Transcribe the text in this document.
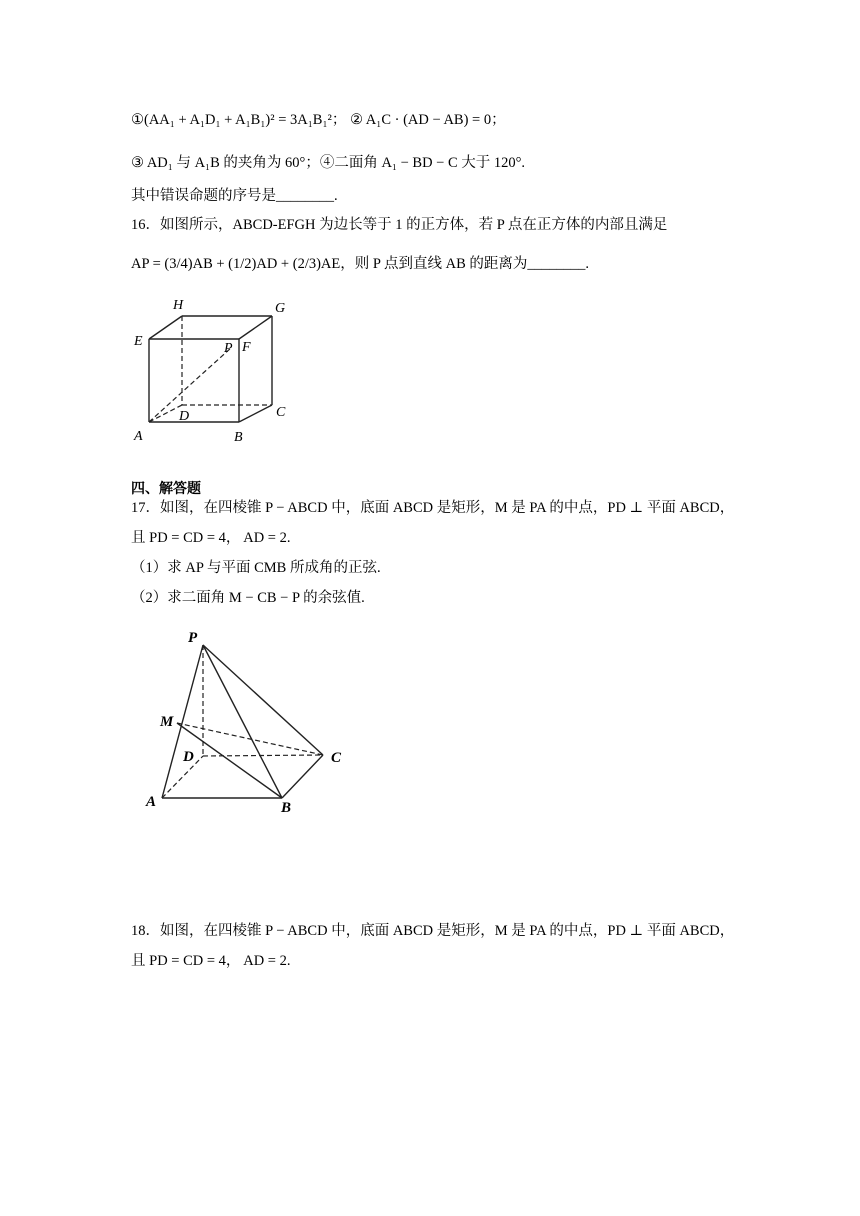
①(AA₁ + A₁D₁ + A₁B₁)² = 3A₁B₁²； ② A₁C · (AD − AB) = 0；
③ AD₁ 与 A₁B 的夹角为 60°；④二面角 A₁ − BD − C 大于 120°.
其中错误命题的序号是________.
16．如图所示，ABCD-EFGH 为边长等于 1 的正方体，若 P 点在正方体的内部且满足
AP = (3/4)AB + (1/2)AD + (2/3)AE，则 P 点到直线 AB 的距离为________.
H	G
E	P F
D	C
A	B
四、解答题
17．如图，在四棱锥 P − ABCD 中，底面 ABCD 是矩形，M 是 PA 的中点，PD ⊥ 平面 ABCD，
且 PD = CD = 4， AD = 2.
（1）求 AP 与平面 CMB 所成角的正弦.
（2）求二面角 M − CB − P 的余弦值.
P
M
D	C
A	B
18．如图，在四棱锥 P − ABCD 中，底面 ABCD 是矩形，M 是 PA 的中点，PD ⊥ 平面 ABCD，
且 PD = CD = 4， AD = 2.
